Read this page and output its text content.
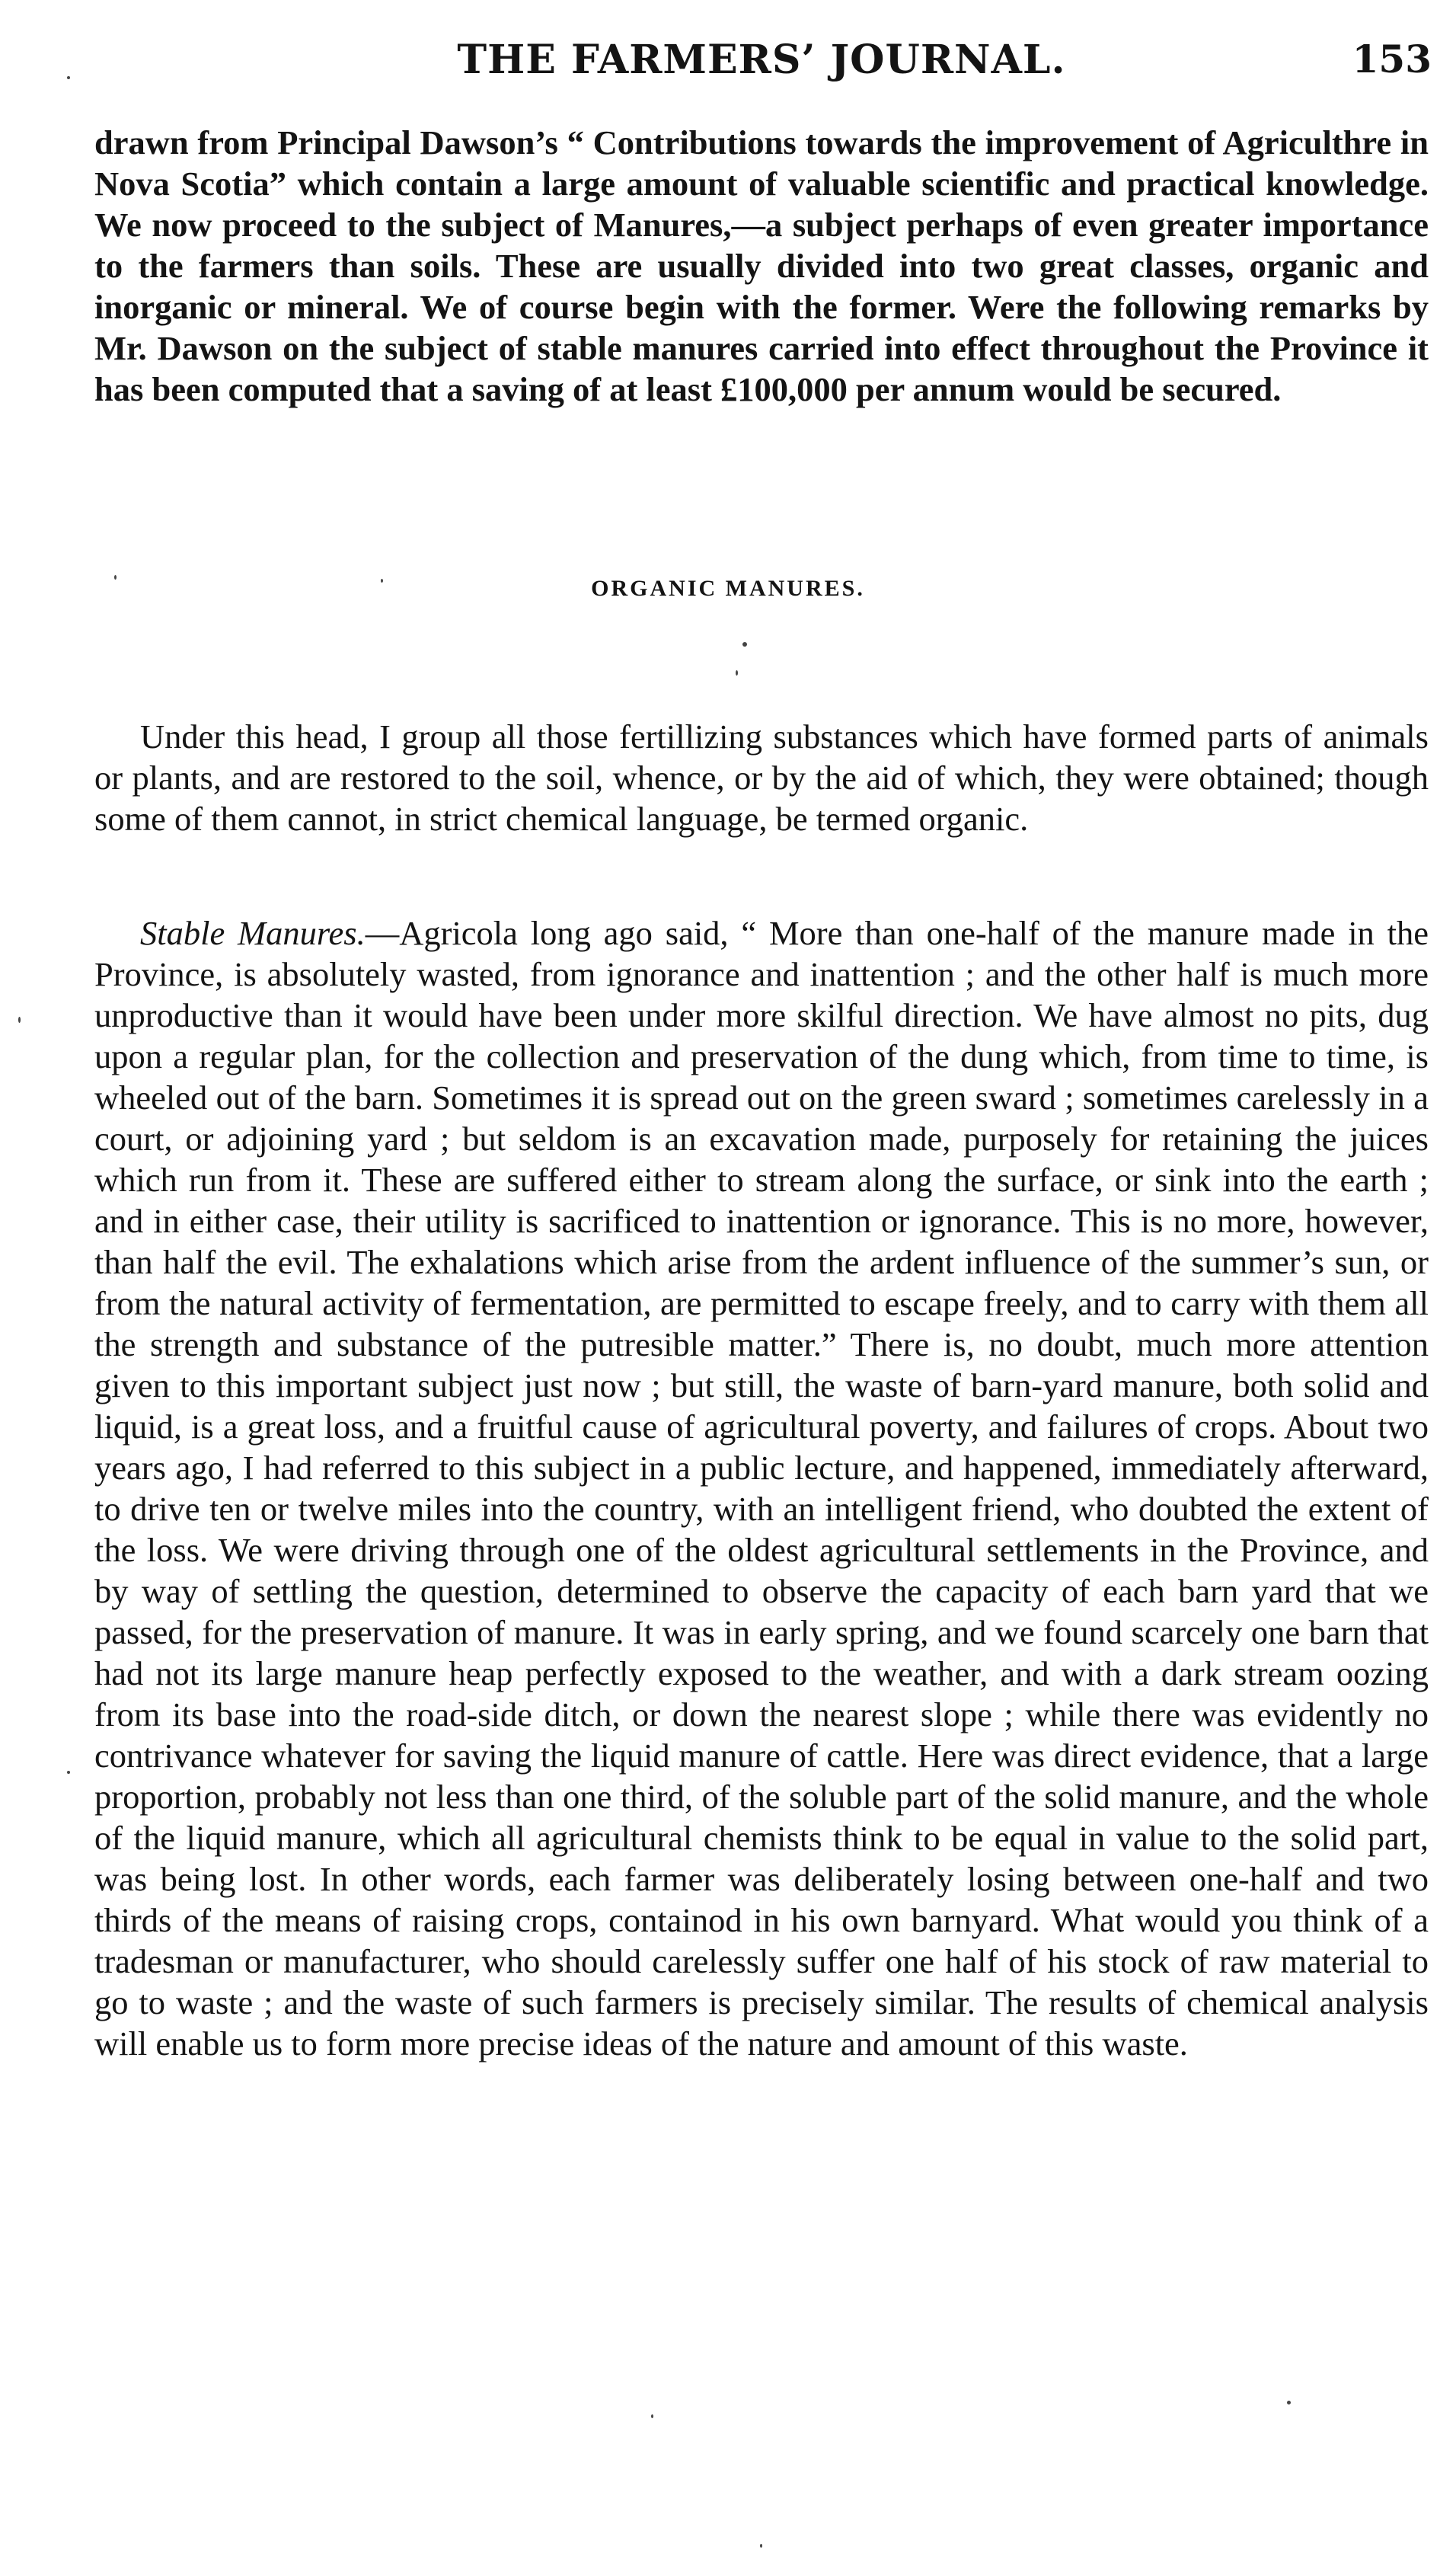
THE FARMERS’ JOURNAL.	153

drawn from Principal Dawson’s “ Contributions towards the improvement of Agriculthre in Nova Scotia” which contain a large amount of valuable scientific and practical knowledge. We now proceed to the subject of Manures,—a subject perhaps of even greater importance to the farmers than soils. These are usually divided into two great classes, organic and inorganic or mineral. We of course begin with the former. Were the following remarks by Mr. Dawson on the subject of stable manures carried into effect throughout the Province it has been computed that a saving of at least £100,000 per annum would be secured.

ORGANIC MANURES.

Under this head, I group all those fertillizing substances which have formed parts of animals or plants, and are restored to the soil, whence, or by the aid of which, they were obtained; though some of them cannot, in strict chemical language, be termed organic.

Stable Manures.—Agricola long ago said, “ More than one-half of the manure made in the Province, is absolutely wasted, from ignorance and inattention ; and the other half is much more unproductive than it would have been under more skilful direction. We have almost no pits, dug upon a regular plan, for the collection and preservation of the dung which, from time to time, is wheeled out of the barn. Sometimes it is spread out on the green sward ; sometimes carelessly in a court, or adjoining yard ; but seldom is an excavation made, purposely for retaining the juices which run from it. These are suffered either to stream along the surface, or sink into the earth ; and in either case, their utility is sacrificed to inattention or ignorance. This is no more, however, than half the evil. The exhalations which arise from the ardent influence of the summer’s sun, or from the natural activity of fermentation, are permitted to escape freely, and to carry with them all the strength and substance of the putresible matter.” There is, no doubt, much more attention given to this important subject just now ; but still, the waste of barn-yard manure, both solid and liquid, is a great loss, and a fruitful cause of agricultural poverty, and failures of crops. About two years ago, I had referred to this subject in a public lecture, and happened, immediately afterward, to drive ten or twelve miles into the country, with an intelligent friend, who doubted the extent of the loss. We were driving through one of the oldest agricultural settlements in the Province, and by way of settling the question, determined to observe the capacity of each barn yard that we passed, for the preservation of manure. It was in early spring, and we found scarcely one barn that had not its large manure heap perfectly exposed to the weather, and with a dark stream oozing from its base into the road-side ditch, or down the nearest slope ; while there was evidently no contrivance whatever for saving the liquid manure of cattle. Here was direct evidence, that a large proportion, probably not less than one third, of the soluble part of the solid manure, and the whole of the liquid manure, which all agricultural chemists think to be equal in value to the solid part, was being lost. In other words, each farmer was deliberately losing between one-half and two thirds of the means of raising crops, containod in his own barnyard. What would you think of a tradesman or manufacturer, who should carelessly suffer one half of his stock of raw material to go to waste ; and the waste of such farmers is precisely similar. The results of chemical analysis will enable us to form more precise ideas of the nature and amount of this waste.
